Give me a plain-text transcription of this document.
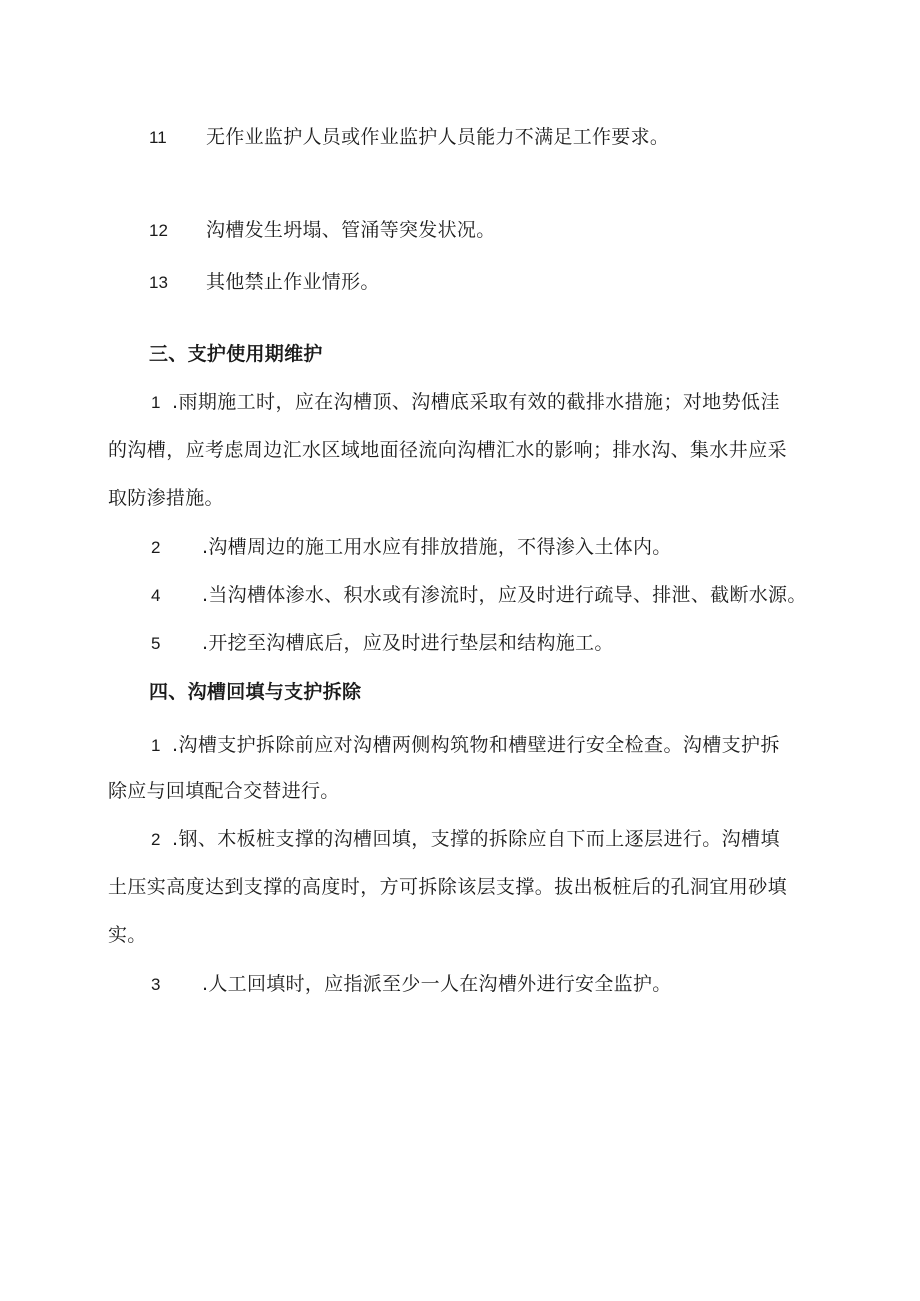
11 无作业监护人员或作业监护人员能力不满足工作要求。
12 沟槽发生坍塌、管涌等突发状况。
13 其他禁止作业情形。
三、支护使用期维护
1 .雨期施工时，应在沟槽顶、沟槽底采取有效的截排水措施；对地势低洼
的沟槽，应考虑周边汇水区域地面径流向沟槽汇水的影响；排水沟、集水井应采
取防渗措施。
2 .沟槽周边的施工用水应有排放措施，不得渗入土体内。
4 .当沟槽体渗水、积水或有渗流时，应及时进行疏导、排泄、截断水源。
5 .开挖至沟槽底后，应及时进行垫层和结构施工。
四、沟槽回填与支护拆除
1 .沟槽支护拆除前应对沟槽两侧构筑物和槽壁进行安全检查。沟槽支护拆
除应与回填配合交替进行。
2 .钢、木板桩支撑的沟槽回填，支撑的拆除应自下而上逐层进行。沟槽填
土压实高度达到支撑的高度时，方可拆除该层支撑。拔出板桩后的孔洞宜用砂填
实。
3 .人工回填时，应指派至少一人在沟槽外进行安全监护。
